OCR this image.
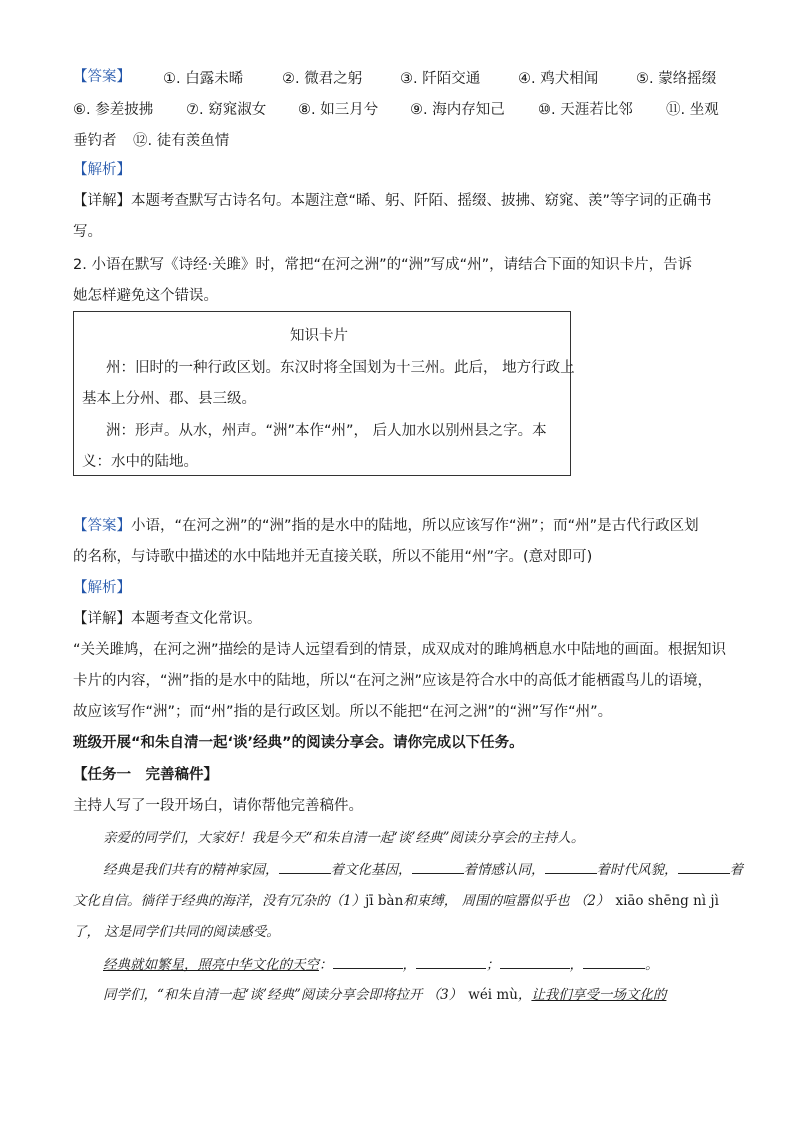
【答案】 ①. 白露未晞	②. 微君之躬	③. 阡陌交通	④. 鸡犬相闻	⑤. 蒙络摇缀
⑥. 参差披拂 ⑦. 窈窕淑女 ⑧. 如三月兮 ⑨. 海内存知己 ⑩. 天涯若比邻 ⑪. 坐观
垂钓者 ⑫. 徒有羡鱼情
【解析】
【详解】本题考查默写古诗名句。本题注意“晞、躬、阡陌、摇缀、披拂、窈窕、羡”等字词的正确书
写。
2. 小语在默写《诗经·关雎》时，常把“在河之洲”的“洲”写成“州”，请结合下面的知识卡片，告诉
她怎样避免这个错误。
知识卡片
州：旧时的一种行政区划。东汉时将全国划为十三州。此后， 地方行政上
基本上分州、郡、县三级。
洲：形声。从水，州声。“洲”本作“州”， 后人加水以别州县之字。本
义：水中的陆地。
【答案】小语，“在河之洲”的“洲”指的是水中的陆地，所以应该写作“洲”；而“州”是古代行政区划
的名称，与诗歌中描述的水中陆地并无直接关联，所以不能用“州”字。(意对即可)
【解析】
【详解】本题考查文化常识。
“关关雎鸠，在河之洲”描绘的是诗人远望看到的情景，成双成对的雎鸠栖息水中陆地的画面。根据知识
卡片的内容，“洲”指的是水中的陆地，所以“在河之洲”应该是符合水中的高低才能栖霞鸟儿的语境，
故应该写作“洲”；而“州”指的是行政区划。所以不能把“在河之洲”的“洲”写作“州”。
班级开展“和朱自清一起‘谈’经典”的阅读分享会。请你完成以下任务。
【任务一　完善稿件】
主持人写了一段开场白，请你帮他完善稿件。
亲爱的同学们，大家好！我是今天“和朱自清一起‘谈’经典”阅读分享会的主持人。
经典是我们共有的精神家园，	着文化基因，	着情感认同，	着时代风貌，	着
文化自信。徜徉于经典的海洋，没有冗杂的（1）jī bàn和束缚， 周围的喧嚣似乎也 （2） xiāo shēng nì jì
了， 这是同学们共同的阅读感受。
经典就如繁星，照亮中华文化的天空：	，	；	，	。
同学们，“和朱自清一起‘谈’经典”阅读分享会即将拉开 （3） wéi mù，让我们享受一场文化的
